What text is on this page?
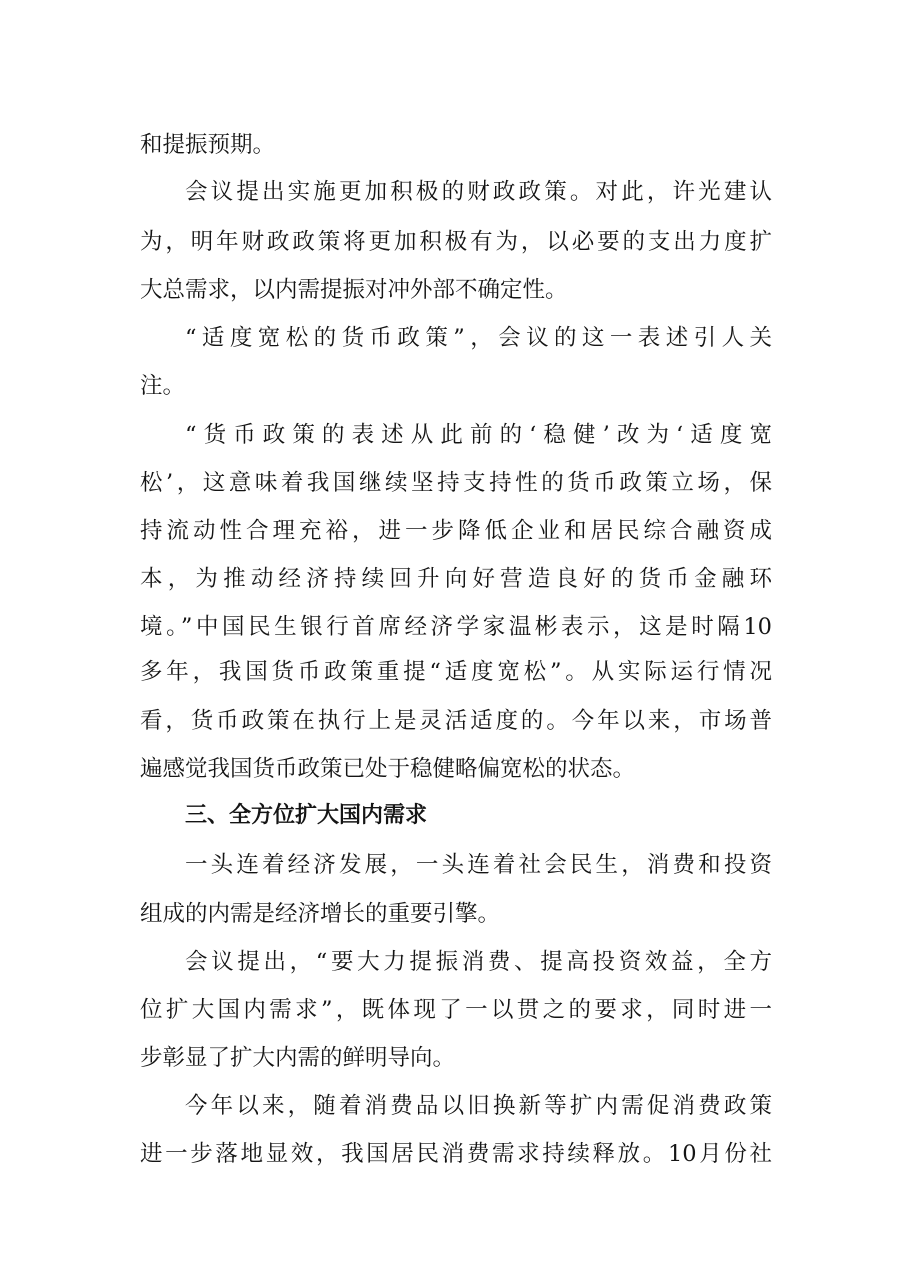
和提振预期。
会议提出实施更加积极的财政政策。对此，许光建认
为，明年财政政策将更加积极有为，以必要的支出力度扩
大总需求，以内需提振对冲外部不确定性。
“适度宽松的货币政策”，会议的这一表述引人关
注。
“货币政策的表述从此前的‘稳健’改为‘适度宽
松’，这意味着我国继续坚持支持性的货币政策立场，保
持流动性合理充裕，进一步降低企业和居民综合融资成
本，为推动经济持续回升向好营造良好的货币金融环
境。”中国民生银行首席经济学家温彬表示，这是时隔10
多年，我国货币政策重提“适度宽松”。从实际运行情况
看，货币政策在执行上是灵活适度的。今年以来，市场普
遍感觉我国货币政策已处于稳健略偏宽松的状态。
三、全方位扩大国内需求
一头连着经济发展，一头连着社会民生，消费和投资
组成的内需是经济增长的重要引擎。
会议提出，“要大力提振消费、提高投资效益，全方
位扩大国内需求”，既体现了一以贯之的要求，同时进一
步彰显了扩大内需的鲜明导向。
今年以来，随着消费品以旧换新等扩内需促消费政策
进一步落地显效，我国居民消费需求持续释放。10月份社
